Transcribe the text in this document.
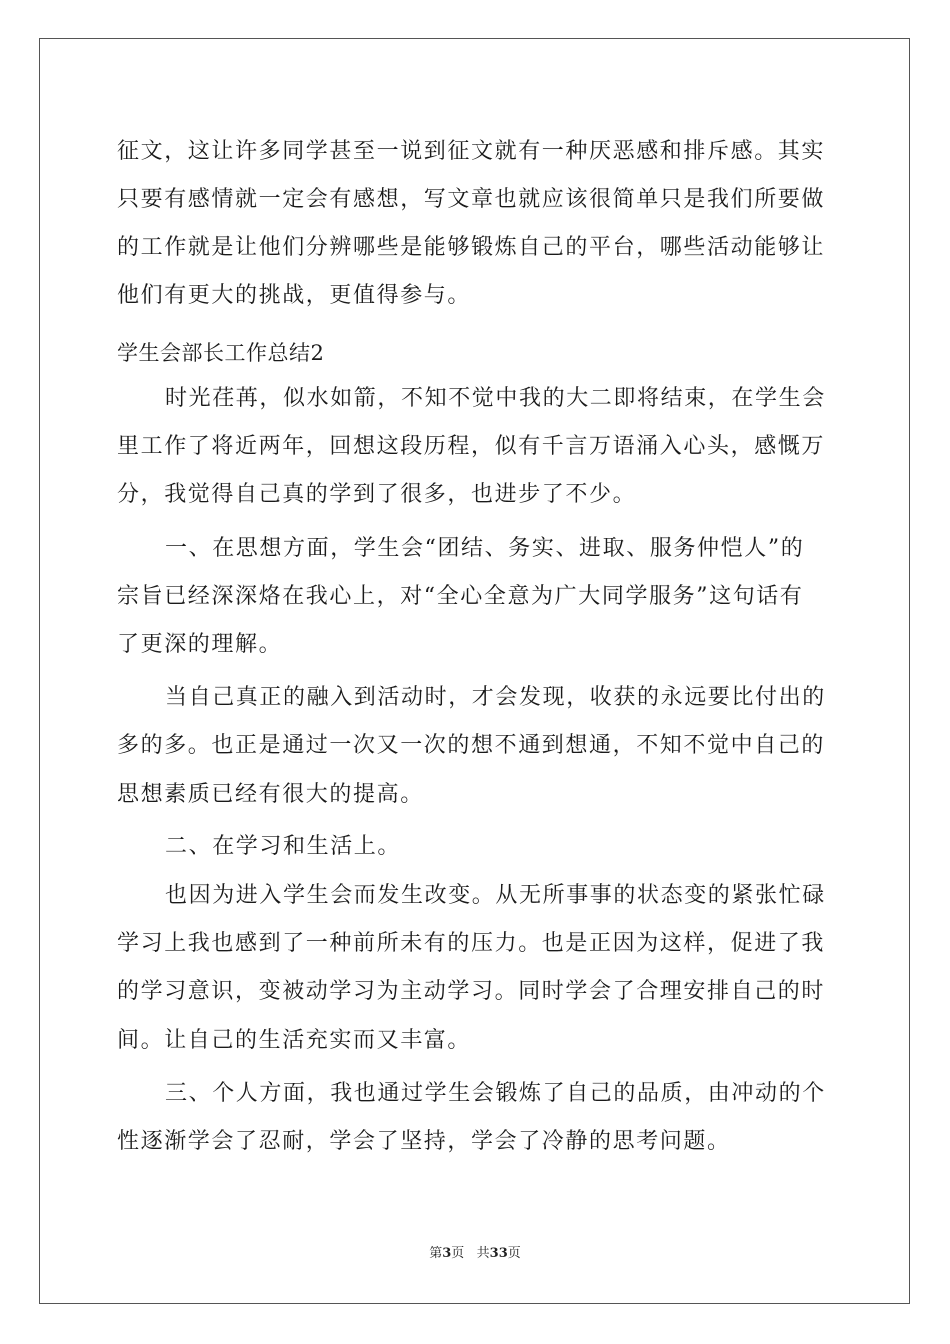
征文，这让许多同学甚至一说到征文就有一种厌恶感和排斥感。其实
只要有感情就一定会有感想，写文章也就应该很简单只是我们所要做
的工作就是让他们分辨哪些是能够锻炼自己的平台，哪些活动能够让
他们有更大的挑战，更值得参与。
学生会部长工作总结2
时光荏苒，似水如箭，不知不觉中我的大二即将结束，在学生会
里工作了将近两年，回想这段历程，似有千言万语涌入心头，感慨万
分，我觉得自己真的学到了很多，也进步了不少。
一、在思想方面，学生会“团结、务实、进取、服务仲恺人”的
宗旨已经深深烙在我心上，对“全心全意为广大同学服务”这句话有
了更深的理解。
当自己真正的融入到活动时，才会发现，收获的永远要比付出的
多的多。也正是通过一次又一次的想不通到想通，不知不觉中自己的
思想素质已经有很大的提高。
二、在学习和生活上。
也因为进入学生会而发生改变。从无所事事的状态变的紧张忙碌
学习上我也感到了一种前所未有的压力。也是正因为这样，促进了我
的学习意识，变被动学习为主动学习。同时学会了合理安排自己的时
间。让自己的生活充实而又丰富。
三、个人方面，我也通过学生会锻炼了自己的品质，由冲动的个
性逐渐学会了忍耐，学会了坚持，学会了冷静的思考问题。
第3页   共33页
